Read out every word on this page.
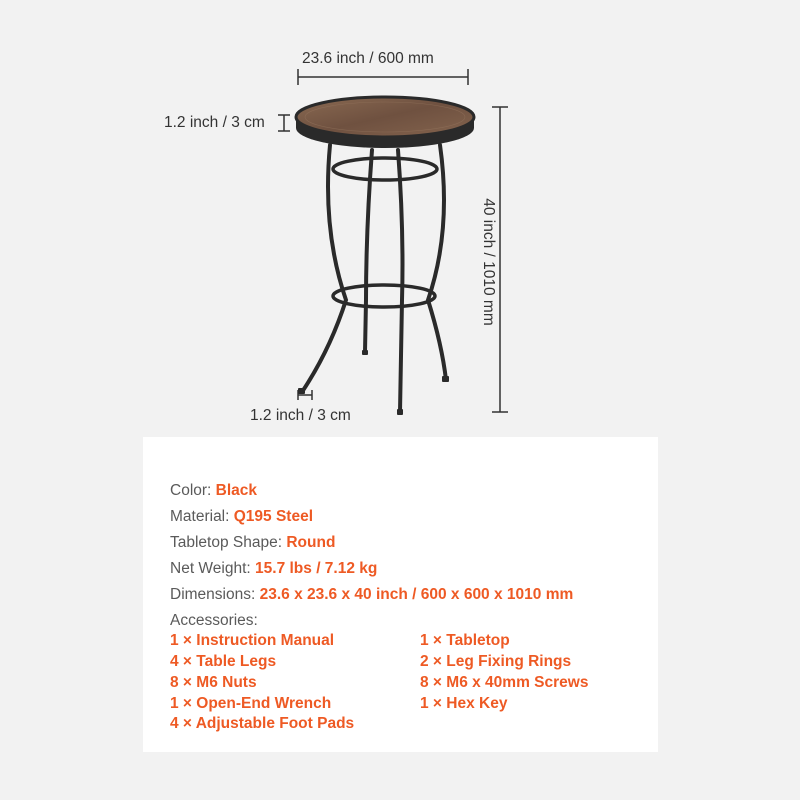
23.6 inch / 600 mm
1.2 inch / 3 cm
1.2 inch / 3 cm
40 inch / 1010 mm
Color: Black
Material: Q195 Steel
Tabletop Shape: Round
Net Weight: 15.7 lbs / 7.12 kg
Dimensions: 23.6 x 23.6 x 40 inch / 600 x 600 x 1010 mm
Accessories:
1 × Instruction Manual
4 × Table Legs
8 × M6 Nuts
1 × Open-End Wrench
4 × Adjustable Foot Pads
1 × Tabletop
2 × Leg Fixing Rings
8 × M6 x 40mm Screws
1 × Hex Key
